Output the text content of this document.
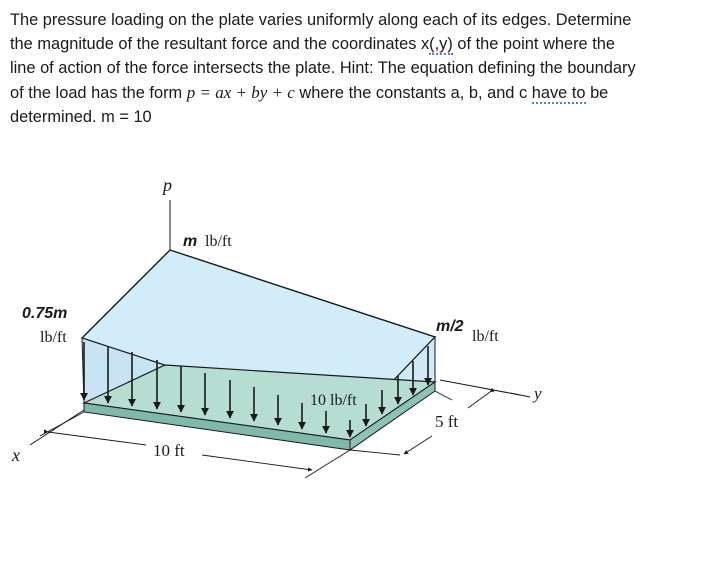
The pressure loading on the plate varies uniformly along each of its edges. Determine
the magnitude of the resultant force and the coordinates x(,y) of the point where the
line of action of the force intersects the plate. Hint: The equation defining the boundary
of the load has the form p = ax + by + c where the constants a, b, and c have to be
determined. m = 10
p
y
x	10 ft
5 ft
m lb/ft
0.75m
lb/ft
m/2
lb/ft
10 lb/ft
